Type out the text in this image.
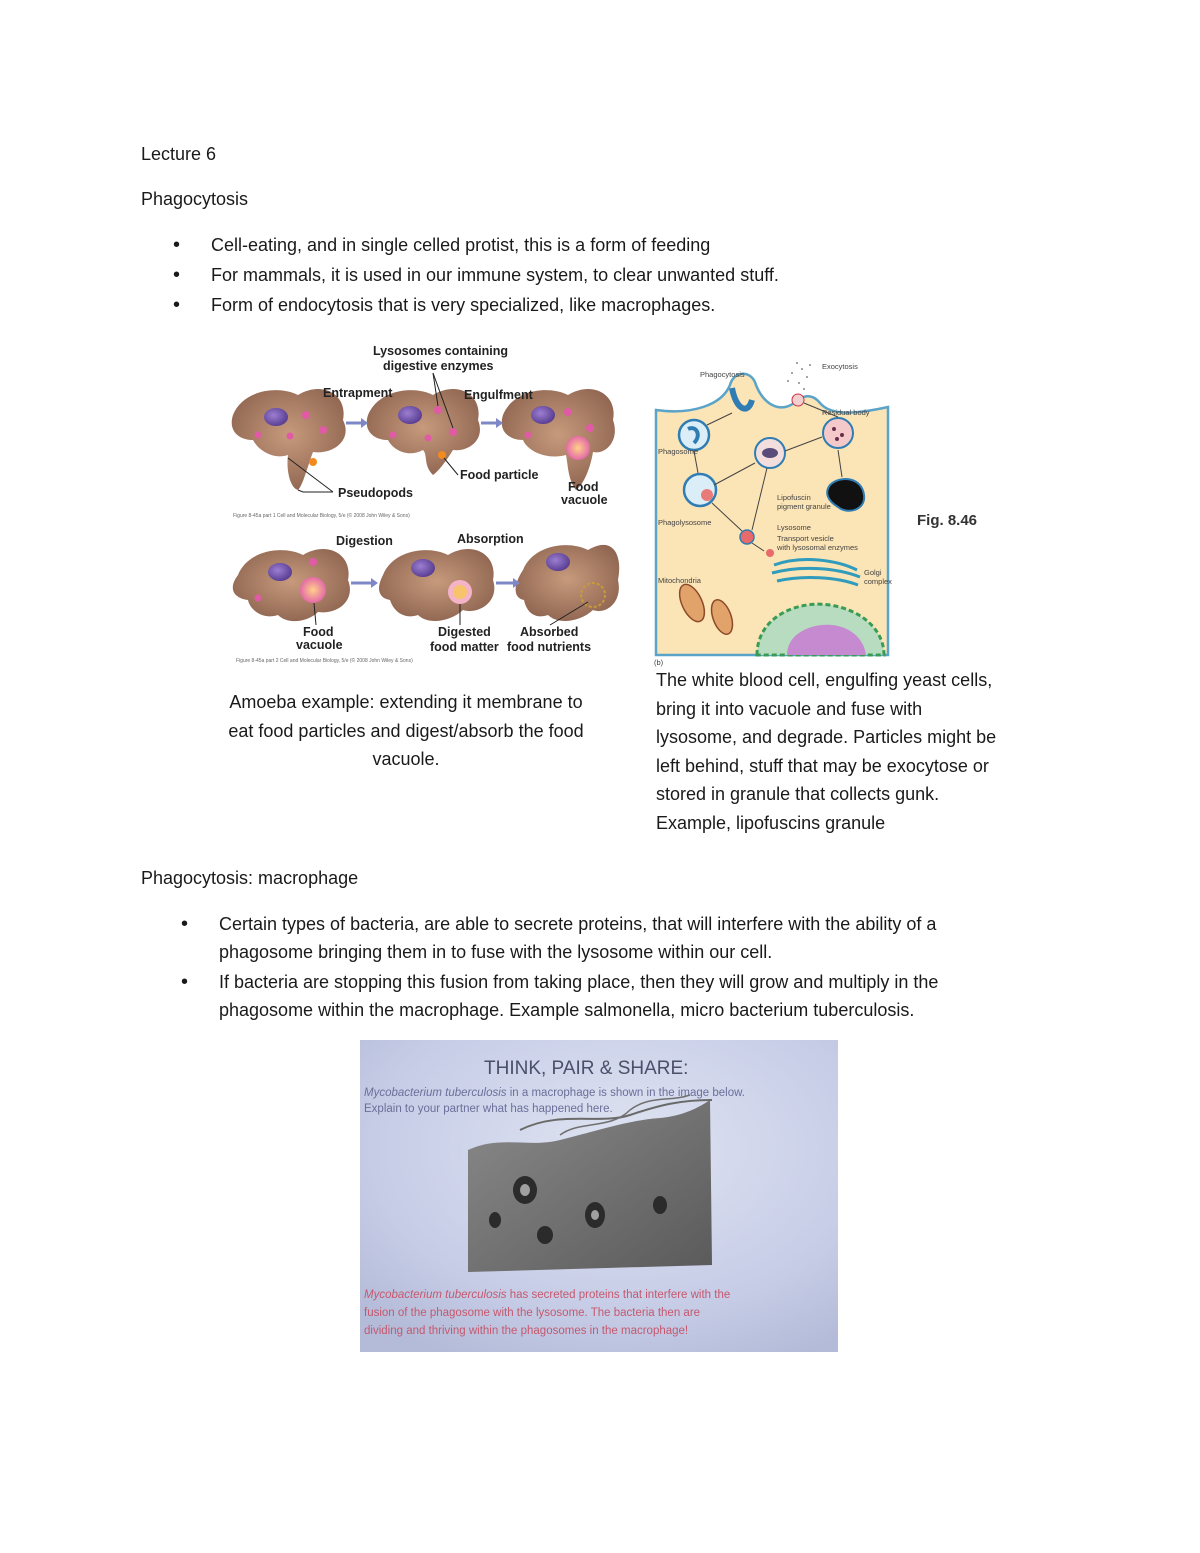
Lecture 6
Phagocytosis
• Cell-eating, and in single celled protist, this is a form of feeding
• For mammals, it is used in our immune system, to clear unwanted stuff.
• Form of endocytosis that is very specialized, like macrophages.
Lysosomes containing
digestive enzymes
Entrapment	Engulfment
Food particle
Pseudopods	Food
vacuole
Figure 8-45a part 1 Cell and Molecular Biology, 5/e (© 2008 John Wiley & Sons)
Digestion	Absorption
Food
vacuole
Digested
food matter
Absorbed
food nutrients
Figure 8-45a part 2 Cell and Molecular Biology, 5/e (© 2008 John Wiley & Sons)
Amoeba example: extending it membrane to
eat food particles and digest/absorb the food
vacuole.
Phagocytosis
Exocytosis
Residual body
Phagosome
Lipofuscin
pigment granule
Phagolysosome
Lysosome
Transport vesicle
with lysosomal enzymes
Golgi
complex
Mitochondria
(b)
Fig. 8.46
The white blood cell, engulfing yeast cells,
bring it into vacuole and fuse with
lysosome, and degrade. Particles might be
left behind, stuff that may be exocytose or
stored in granule that collects gunk.
Example, lipofuscins granule
Phagocytosis: macrophage
• Certain types of bacteria, are able to secrete proteins, that will interfere with the ability of a
phagosome bringing them in to fuse with the lysosome within our cell.
• If bacteria are stopping this fusion from taking place, then they will grow and multiply in the
phagosome within the macrophage. Example salmonella, micro bacterium tuberculosis.
THINK, PAIR & SHARE:
Mycobacterium tuberculosis in a macrophage is shown in the image below.
Explain to your partner what has happened here.
Mycobacterium tuberculosis has secreted proteins that interfere with the
fusion of the phagosome with the lysosome. The bacteria then are
dividing and thriving within the phagosomes in the macrophage!
